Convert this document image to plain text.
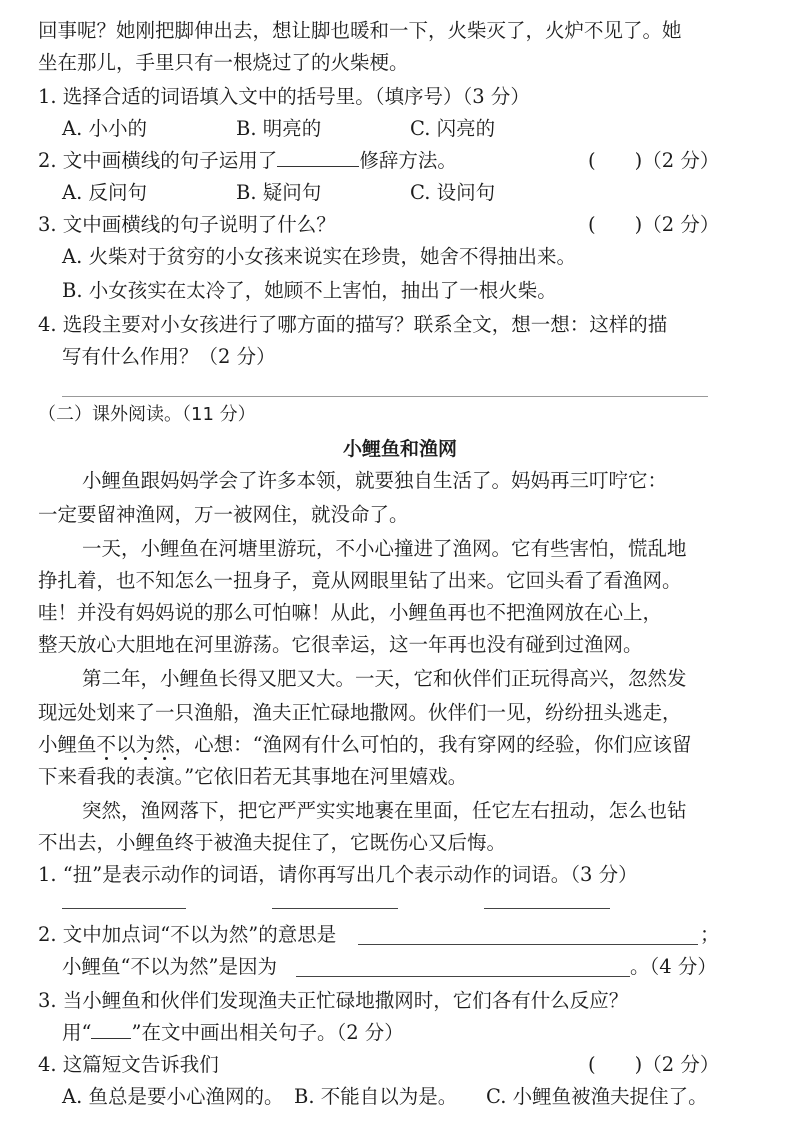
回事呢？她刚把脚伸出去，想让脚也暖和一下，火柴灭了，火炉不见了。她
坐在那儿，手里只有一根烧过了的火柴梗。
1. 选择合适的词语填入文中的括号里。（填序号）（3 分）
A. 小小的	B. 明亮的	C. 闪亮的
2. 文中画横线的句子运用了	修辞方法。	(　　)（2 分）
A. 反问句	B. 疑问句	C. 设问句
3. 文中画横线的句子说明了什么？	(　　)（2 分）
A. 火柴对于贫穷的小女孩来说实在珍贵，她舍不得抽出来。
B. 小女孩实在太冷了，她顾不上害怕，抽出了一根火柴。
4. 选段主要对小女孩进行了哪方面的描写？联系全文，想一想：这样的描
写有什么作用？（2 分）
（二）课外阅读。（11 分）
小鲤鱼和渔网
小鲤鱼跟妈妈学会了许多本领，就要独自生活了。妈妈再三叮咛它：
一定要留神渔网，万一被网住，就没命了。
一天，小鲤鱼在河塘里游玩，不小心撞进了渔网。它有些害怕，慌乱地
挣扎着，也不知怎么一扭身子，竟从网眼里钻了出来。它回头看了看渔网。
哇！并没有妈妈说的那么可怕嘛！从此，小鲤鱼再也不把渔网放在心上，
整天放心大胆地在河里游荡。它很幸运，这一年再也没有碰到过渔网。
第二年，小鲤鱼长得又肥又大。一天，它和伙伴们正玩得高兴，忽然发
现远处划来了一只渔船，渔夫正忙碌地撒网。伙伴们一见，纷纷扭头逃走，
小鲤鱼不以为然，心想：“渔网有什么可怕的，我有穿网的经验，你们应该留
下来看我的表演。”它依旧若无其事地在河里嬉戏。
突然，渔网落下，把它严严实实地裹在里面，任它左右扭动，怎么也钻
不出去，小鲤鱼终于被渔夫捉住了，它既伤心又后悔。
1. “扭”是表示动作的词语，请你再写出几个表示动作的词语。（3 分）
2. 文中加点词“不以为然”的意思是	；
小鲤鱼“不以为然”是因为	。（4 分）
3. 当小鲤鱼和伙伴们发现渔夫正忙碌地撒网时，它们各有什么反应？
用“ ”在文中画出相关句子。（2 分）
4. 这篇短文告诉我们	(　　)（2 分）
A. 鱼总是要小心渔网的。 B. 不能自以为是。 C. 小鲤鱼被渔夫捉住了。
